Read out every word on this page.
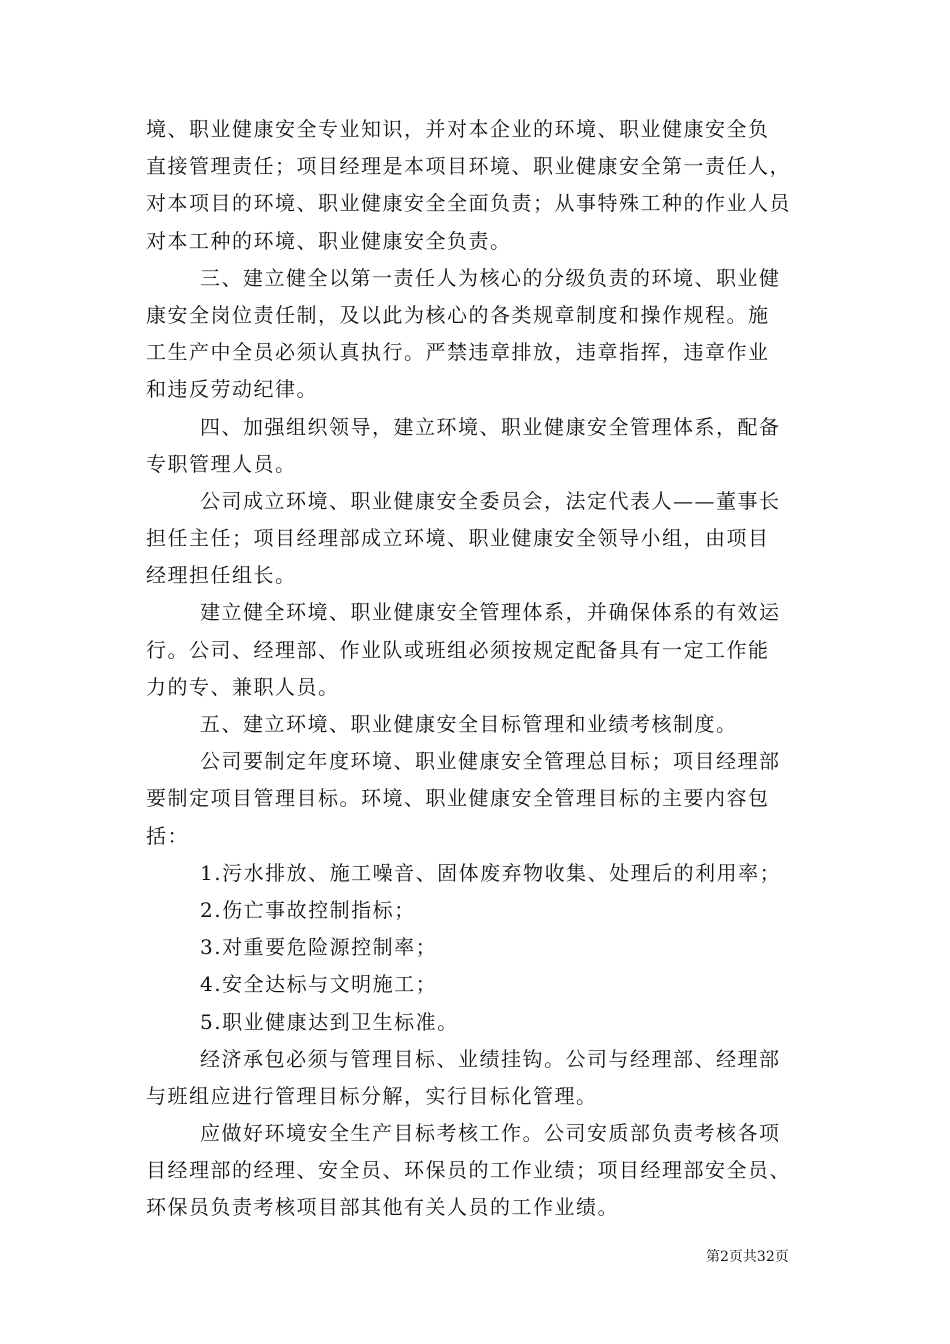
境、职业健康安全专业知识，并对本企业的环境、职业健康安全负
直接管理责任；项目经理是本项目环境、职业健康安全第一责任人，
对本项目的环境、职业健康安全全面负责；从事特殊工种的作业人员
对本工种的环境、职业健康安全负责。
三、建立健全以第一责任人为核心的分级负责的环境、职业健
康安全岗位责任制，及以此为核心的各类规章制度和操作规程。施
工生产中全员必须认真执行。严禁违章排放，违章指挥，违章作业
和违反劳动纪律。
四、加强组织领导，建立环境、职业健康安全管理体系，配备
专职管理人员。
公司成立环境、职业健康安全委员会，法定代表人——董事长
担任主任；项目经理部成立环境、职业健康安全领导小组，由项目
经理担任组长。
建立健全环境、职业健康安全管理体系，并确保体系的有效运
行。公司、经理部、作业队或班组必须按规定配备具有一定工作能
力的专、兼职人员。
五、建立环境、职业健康安全目标管理和业绩考核制度。
公司要制定年度环境、职业健康安全管理总目标；项目经理部
要制定项目管理目标。环境、职业健康安全管理目标的主要内容包
括：
1.污水排放、施工噪音、固体废弃物收集、处理后的利用率；
2.伤亡事故控制指标；
3.对重要危险源控制率；
4.安全达标与文明施工；
5.职业健康达到卫生标准。
经济承包必须与管理目标、业绩挂钩。公司与经理部、经理部
与班组应进行管理目标分解，实行目标化管理。
应做好环境安全生产目标考核工作。公司安质部负责考核各项
目经理部的经理、安全员、环保员的工作业绩；项目经理部安全员、
环保员负责考核项目部其他有关人员的工作业绩。
第2页共32页
